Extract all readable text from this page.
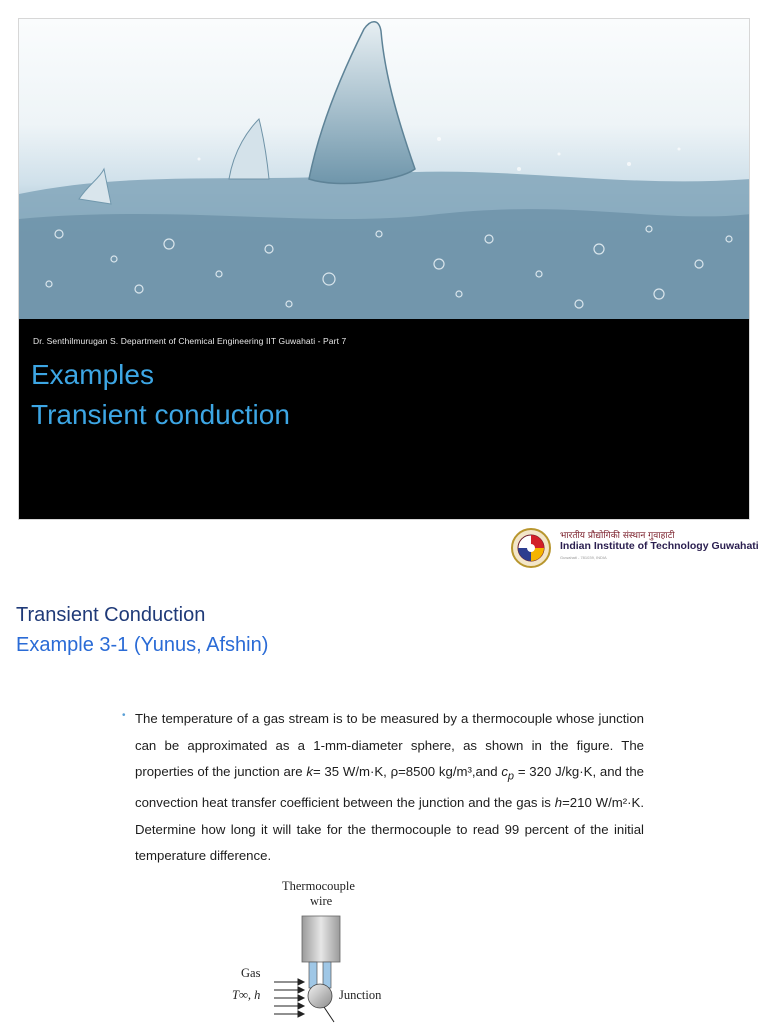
Dr. Senthilmurugan S. Department of Chemical Engineering IIT Guwahati - Part 7
Examples
Transient conduction
भारतीय प्रौद्योगिकी संस्थान गुवाहाटी
Indian Institute of Technology Guwahati
Guwahati - 781039, INDIA
Transient Conduction
Example 3-1 (Yunus, Afshin)
• The temperature of a gas stream is to be measured by a thermocouple whose junction can be approximated as a 1-mm-diameter sphere, as shown in the figure. The properties of the junction are k= 35 W/m·K, ρ=8500 kg/m³,and $c_p = 320$ J/kg·K, and the convection heat transfer coefficient between the junction and the gas is h=210 W/m²·K. Determine how long it will take for the thermocouple to read 99 percent of the initial temperature difference.
Thermocouple
wire
Gas
T∞, h	Junction
